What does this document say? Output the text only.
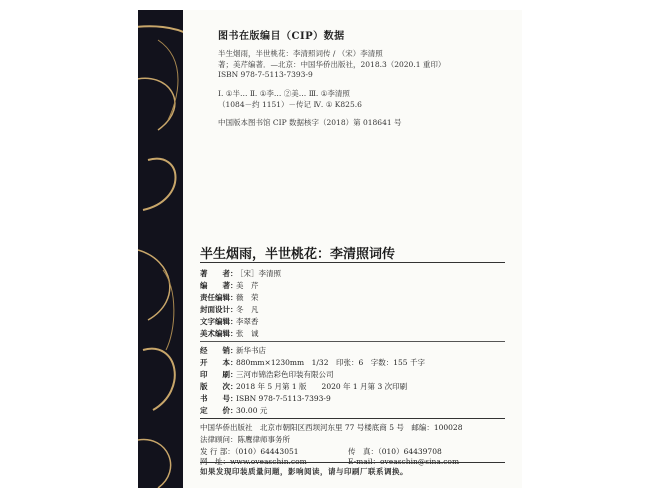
图书在版编目（CIP）数据
半生烟雨，半世桃花：李清照词传 / （宋）李清照
著；美芹编著．—北京：中国华侨出版社，2018.3（2020.1 重印）
ISBN 978-7-5113-7393-9
Ⅰ. ①半… Ⅱ. ①李… ②美… Ⅲ. ①李清照
（1084－约 1151）－传记 Ⅳ. ① K825.6
中国版本图书馆 CIP 数据核字（2018）第 018641 号
半生烟雨，半世桃花：李清照词传
著　　者：［宋］李清照
编　　著：美　芹
责任编辑：薇　荣
封面设计：冬　凡
文字编辑：李翠香
美术编辑：张　诚
经　　销：新华书店
开　　本：880mm×1230mm　1/32　印张：6　字数：155 千字
印　　刷：三河市锦浩彩色印装有限公司
版　　次：2018 年 5 月第 1 版　　2020 年 1 月第 3 次印刷
书　　号：ISBN 978-7-5113-7393-9
定　　价：30.00 元
中国华侨出版社　北京市朝阳区西坝河东里 77 号楼底商 5 号　邮编：100028
法律顾问：陈鹰律师事务所
发 行 部：（010）64443051	传　真：（010）64439708
网　址：www.oveaschin.com	E-mail：oveaschin@sina.com
如果发现印装质量问题，影响阅读，请与印刷厂联系调换。
